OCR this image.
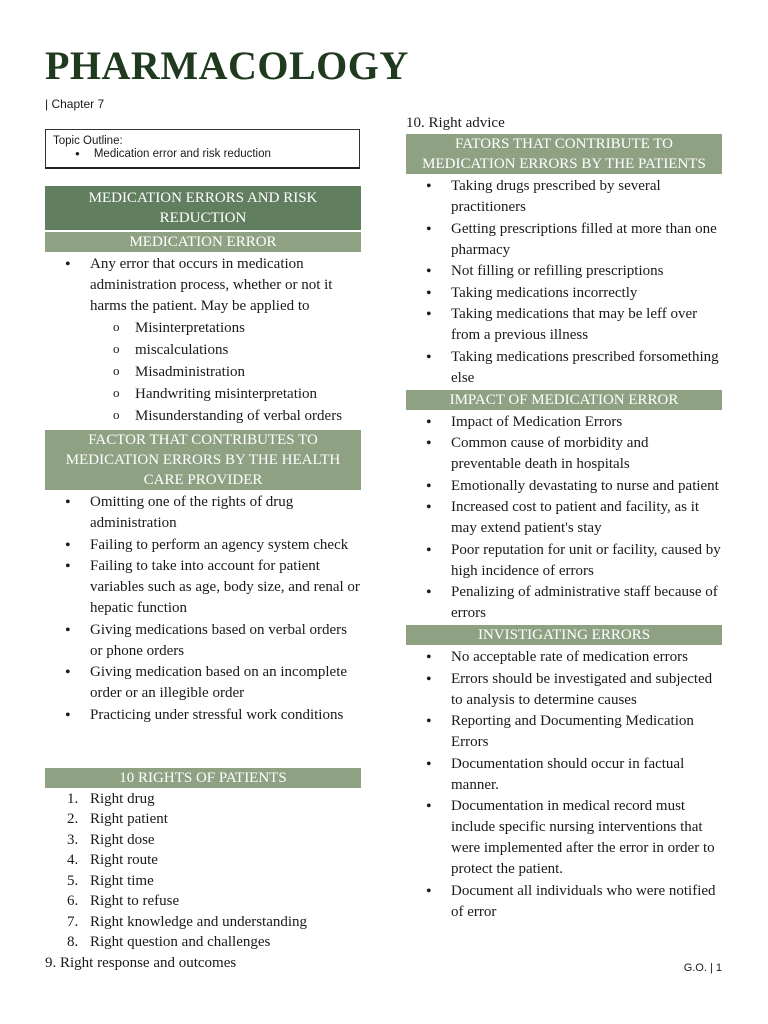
PHARMACOLOGY
| Chapter 7
Topic Outline:
● Medication error and risk reduction
MEDICATION ERRORS AND RISK REDUCTION
MEDICATION ERROR
• Any error that occurs in medication administration process, whether or not it harms the patient. May be applied to
o Misinterpretations
o miscalculations
o Misadministration
o Handwriting misinterpretation
o Misunderstanding of verbal orders
FACTOR THAT CONTRIBUTES TO MEDICATION ERRORS BY THE HEALTH CARE PROVIDER
• Omitting one of the rights of drug administration
• Failing to perform an agency system check
• Failing to take into account for patient variables such as age, body size, and renal or hepatic function
• Giving medications based on verbal orders or phone orders
• Giving medication based on an incomplete order or an illegible order
• Practicing under stressful work conditions
10 RIGHTS OF PATIENTS
1. Right drug
2. Right patient
3. Right dose
4. Right route
5. Right time
6. Right to refuse
7. Right knowledge and understanding
8. Right question and challenges
9. Right response and outcomes
10. Right advice
FATORS THAT CONTRIBUTE TO MEDICATION ERRORS BY THE PATIENTS
• Taking drugs prescribed by several practitioners
• Getting prescriptions filled at more than one pharmacy
• Not filling or refilling prescriptions
• Taking medications incorrectly
• Taking medications that may be leff over from a previous illness
• Taking medications prescribed forsomething else
IMPACT OF MEDICATION ERROR
• Impact of Medication Errors
• Common cause of morbidity and preventable death in hospitals
• Emotionally devastating to nurse and patient
• Increased cost to patient and facility, as it may extend patient's stay
• Poor reputation for unit or facility, caused by high incidence of errors
• Penalizing of administrative staff because of errors
INVISTIGATING ERRORS
• No acceptable rate of medication errors
• Errors should be investigated and subjected to analysis to determine causes
• Reporting and Documenting Medication Errors
• Documentation should occur in factual manner.
• Documentation in medical record must include specific nursing interventions that were implemented after the error in order to protect the patient.
• Document all individuals who were notified of error
G.O. | 1
